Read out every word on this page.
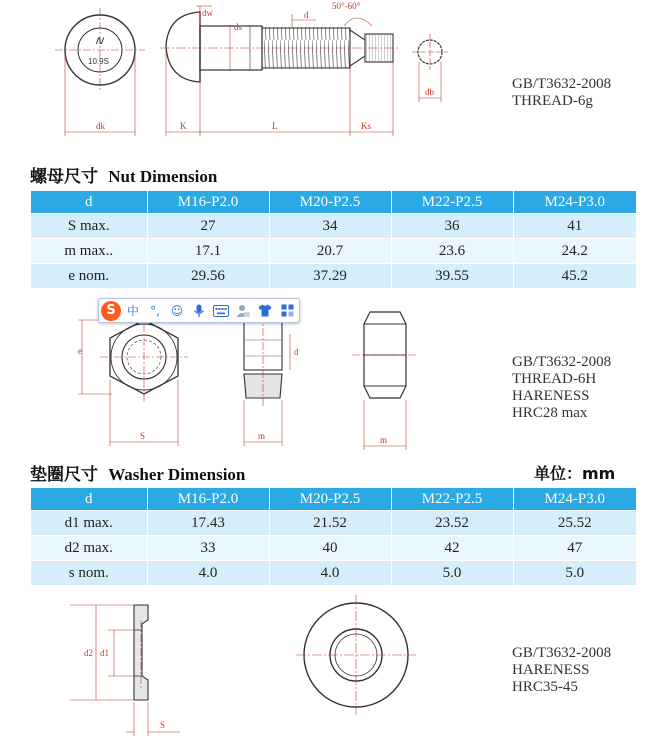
/\/
10.9S
dk	K	L	Ks
dw
ds
d
50°-60°
db
e
S
d
m	m
d2 d1
S
GB/T3632-2008
THREAD-6g
螺母尺寸 Nut Dimension
d	M16-P2.0	M20-P2.5	M22-P2.5	M24-P3.0
S max.	27	34	36	41
m max..	17.1	20.7	23.6	24.2
e nom.	29.56	37.29	39.55	45.2
S 中 °, ☺
GB/T3632-2008
THREAD-6H
HARENESS
HRC28 max
垫圈尺寸 Washer Dimension	单位：mm
d	M16-P2.0	M20-P2.5	M22-P2.5	M24-P3.0
d1 max.	17.43	21.52	23.52	25.52
d2 max.	33	40	42	47
s nom.	4.0	4.0	5.0	5.0
GB/T3632-2008
HARENESS
HRC35-45
